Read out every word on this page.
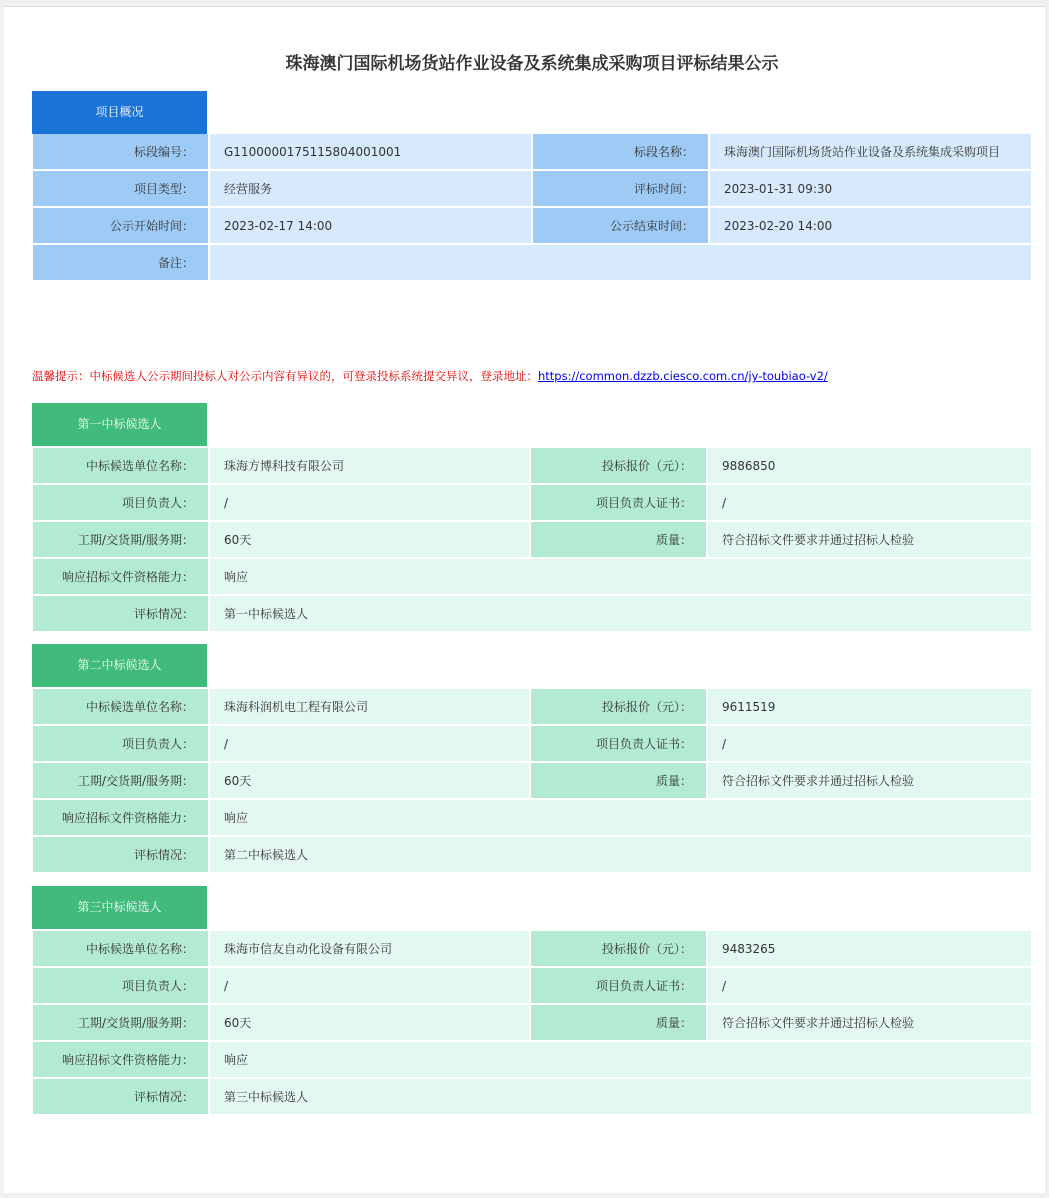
珠海澳门国际机场货站作业设备及系统集成采购项目评标结果公示
项目概况
标段编号：	G1100000175115804001001	标段名称：	珠海澳门国际机场货站作业设备及系统集成采购项目
项目类型：	经营服务	评标时间：	2023-01-31 09:30
公示开始时间：	2023-02-17 14:00	公示结束时间：	2023-02-20 14:00
备注：			
温馨提示：中标候选人公示期间投标人对公示内容有异议的，可登录投标系统提交异议，登录地址：https://common.dzzb.ciesco.com.cn/jy-toubiao-v2/
第一中标候选人
中标候选单位名称：	珠海方博科技有限公司	投标报价（元）：	9886850
项目负责人：	/	项目负责人证书：	/
工期/交货期/服务期：	60天	质量：	符合招标文件要求并通过招标人检验
响应招标文件资格能力：	响应		
评标情况：	第一中标候选人		
第二中标候选人
中标候选单位名称：	珠海科润机电工程有限公司	投标报价（元）：	9611519
项目负责人：	/	项目负责人证书：	/
工期/交货期/服务期：	60天	质量：	符合招标文件要求并通过招标人检验
响应招标文件资格能力：	响应		
评标情况：	第二中标候选人		
第三中标候选人
中标候选单位名称：	珠海市信友自动化设备有限公司	投标报价（元）：	9483265
项目负责人：	/	项目负责人证书：	/
工期/交货期/服务期：	60天	质量：	符合招标文件要求并通过招标人检验
响应招标文件资格能力：	响应		
评标情况：	第三中标候选人		
